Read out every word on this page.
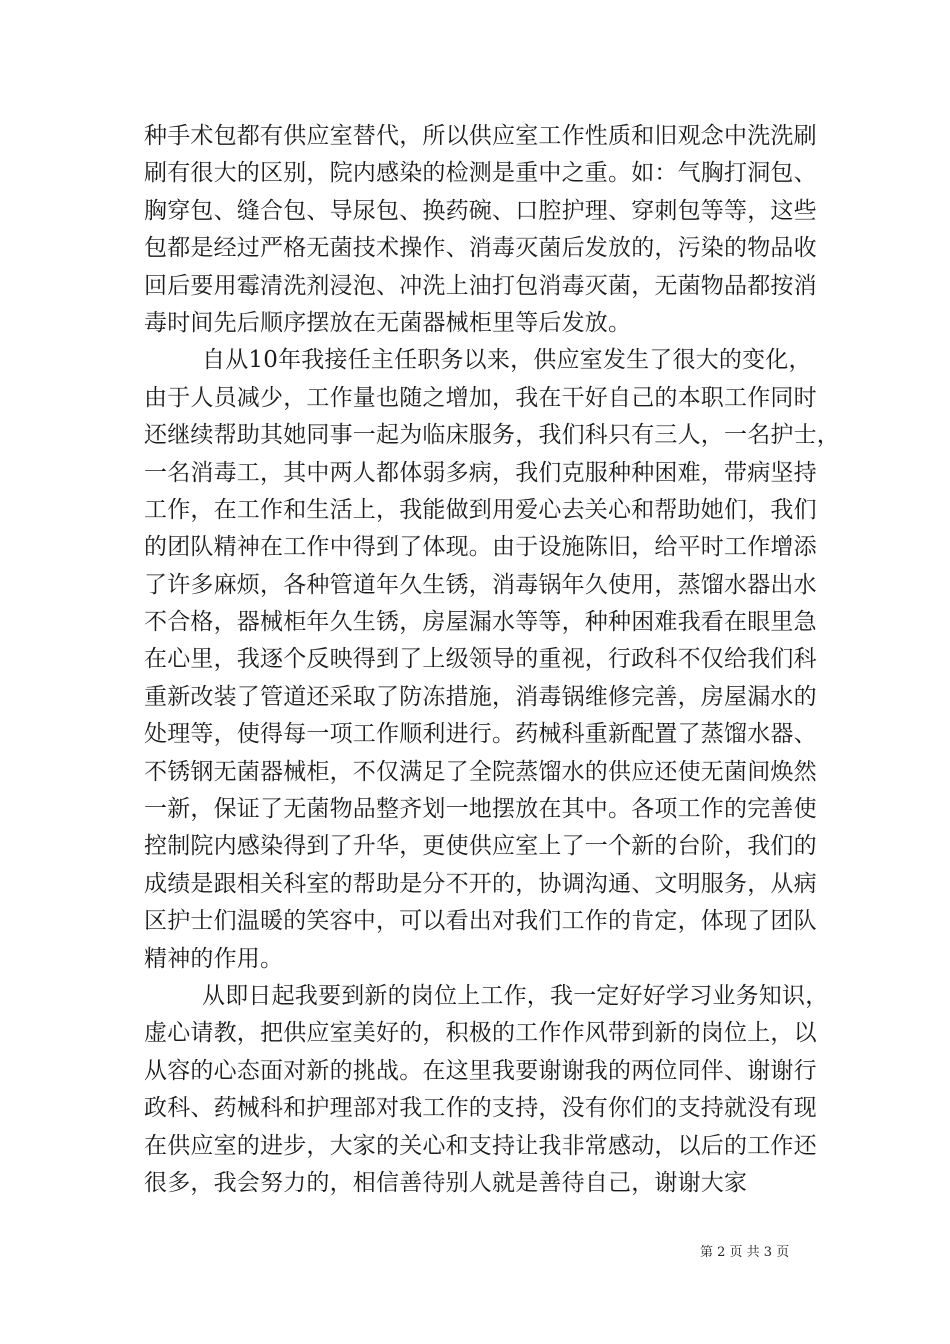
种手术包都有供应室替代，所以供应室工作性质和旧观念中洗洗刷
刷有很大的区别，院内感染的检测是重中之重。如：气胸打洞包、
胸穿包、缝合包、导尿包、换药碗、口腔护理、穿刺包等等，这些
包都是经过严格无菌技术操作、消毒灭菌后发放的，污染的物品收
回后要用霉清洗剂浸泡、冲洗上油打包消毒灭菌，无菌物品都按消
毒时间先后顺序摆放在无菌器械柜里等后发放。
自从10年我接任主任职务以来，供应室发生了很大的变化，
由于人员减少，工作量也随之增加，我在干好自己的本职工作同时
还继续帮助其她同事一起为临床服务，我们科只有三人，一名护士，
一名消毒工，其中两人都体弱多病，我们克服种种困难，带病坚持
工作，在工作和生活上，我能做到用爱心去关心和帮助她们，我们
的团队精神在工作中得到了体现。由于设施陈旧，给平时工作增添
了许多麻烦，各种管道年久生锈，消毒锅年久使用，蒸馏水器出水
不合格，器械柜年久生锈，房屋漏水等等，种种困难我看在眼里急
在心里，我逐个反映得到了上级领导的重视，行政科不仅给我们科
重新改装了管道还采取了防冻措施，消毒锅维修完善，房屋漏水的
处理等，使得每一项工作顺利进行。药械科重新配置了蒸馏水器、
不锈钢无菌器械柜，不仅满足了全院蒸馏水的供应还使无菌间焕然
一新，保证了无菌物品整齐划一地摆放在其中。各项工作的完善使
控制院内感染得到了升华，更使供应室上了一个新的台阶，我们的
成绩是跟相关科室的帮助是分不开的，协调沟通、文明服务，从病
区护士们温暖的笑容中，可以看出对我们工作的肯定，体现了团队
精神的作用。
从即日起我要到新的岗位上工作，我一定好好学习业务知识，
虚心请教，把供应室美好的，积极的工作作风带到新的岗位上，以
从容的心态面对新的挑战。在这里我要谢谢我的两位同伴、谢谢行
政科、药械科和护理部对我工作的支持，没有你们的支持就没有现
在供应室的进步，大家的关心和支持让我非常感动，以后的工作还
很多，我会努力的，相信善待别人就是善待自己，谢谢大家
第 2 页 共 3 页
